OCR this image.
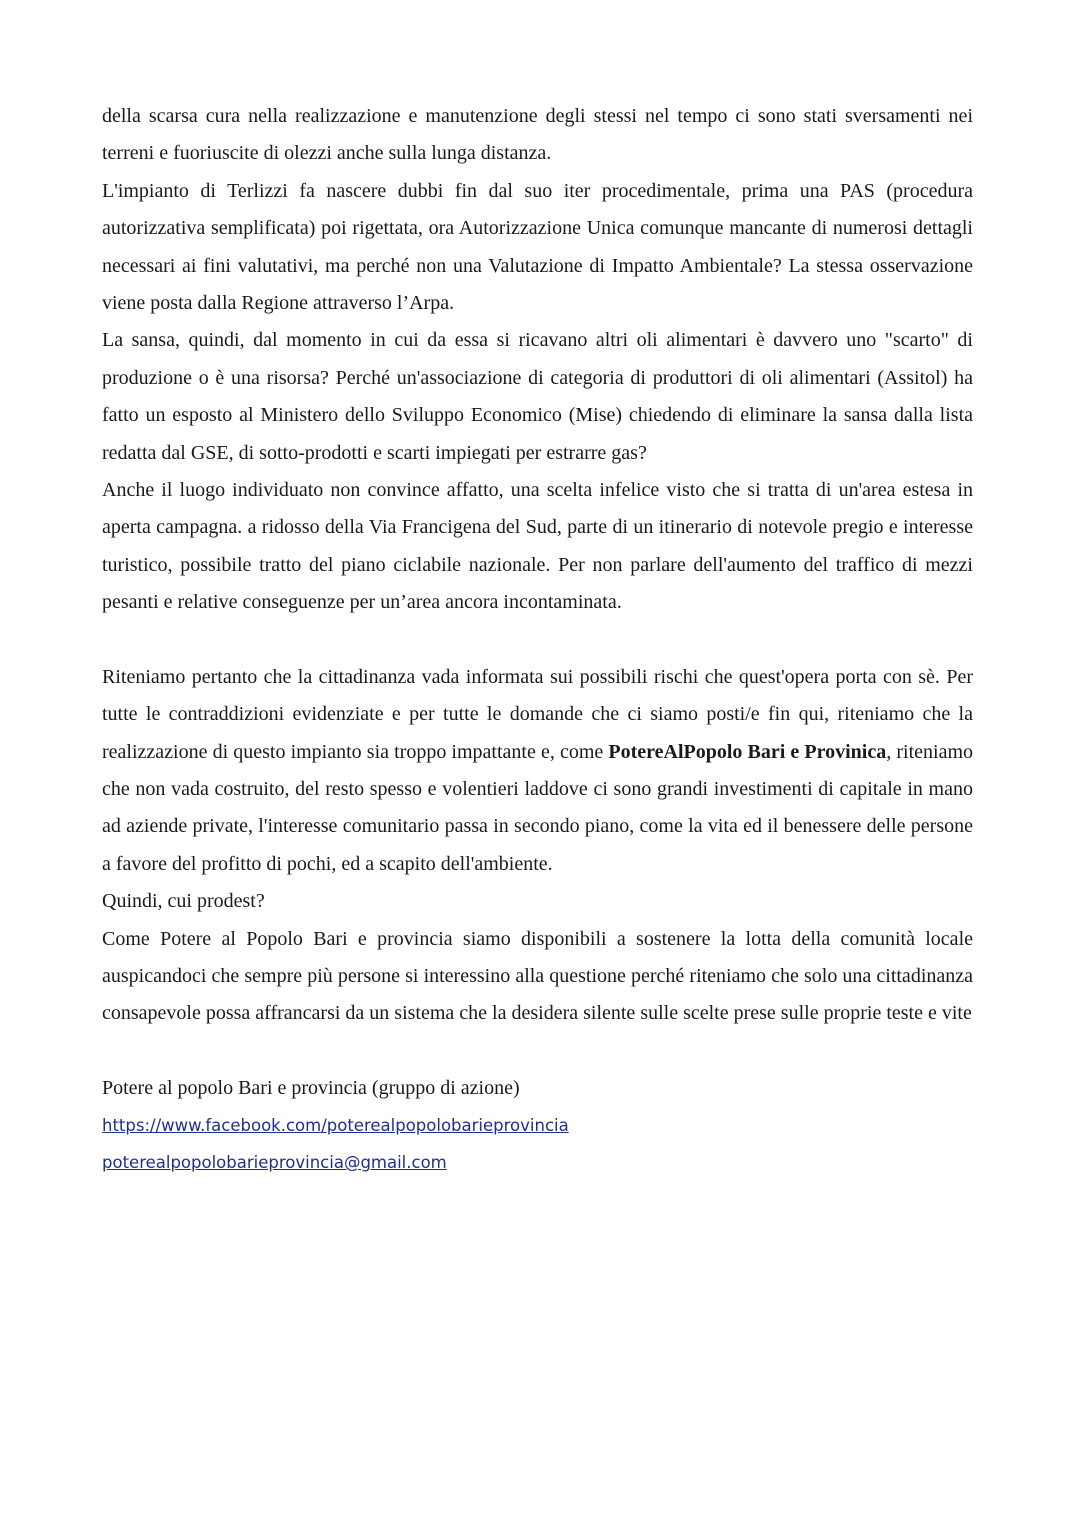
della scarsa cura nella realizzazione e manutenzione degli stessi nel tempo ci sono stati sversamenti nei terreni e fuoriuscite di olezzi anche sulla lunga distanza.

L'impianto di Terlizzi fa nascere dubbi fin dal suo iter procedimentale, prima una PAS (procedura autorizzativa semplificata) poi rigettata, ora Autorizzazione Unica comunque mancante di numerosi dettagli necessari ai fini valutativi, ma perché non una Valutazione di Impatto Ambientale? La stessa osservazione viene posta dalla Regione attraverso l’Arpa.

La sansa, quindi, dal momento in cui da essa si ricavano altri oli alimentari è davvero uno "scarto" di produzione o è una risorsa? Perché un'associazione di categoria di produttori di oli alimentari (Assitol) ha fatto un esposto al Ministero dello Sviluppo Economico (Mise) chiedendo di eliminare la sansa dalla lista redatta dal GSE, di sotto-prodotti e scarti impiegati per estrarre gas?

Anche il luogo individuato non convince affatto, una scelta infelice visto che si tratta di un'area estesa in aperta campagna. a ridosso della Via Francigena del Sud, parte di un itinerario di notevole pregio e interesse turistico, possibile tratto del piano ciclabile nazionale. Per non parlare dell'aumento del traffico di mezzi pesanti e relative conseguenze per un’area ancora incontaminata.

Riteniamo pertanto che la cittadinanza vada informata sui possibili rischi che quest'opera porta con sè. Per tutte le contraddizioni evidenziate e per tutte le domande che ci siamo posti/e fin qui, riteniamo che la realizzazione di questo impianto sia troppo impattante e, come PotereAlPopolo Bari e Provinica, riteniamo che non vada costruito, del resto spesso e volentieri laddove ci sono grandi investimenti di capitale in mano ad aziende private, l'interesse comunitario passa in secondo piano, come la vita ed il benessere delle persone a favore del profitto di pochi, ed a scapito dell'ambiente.

Quindi, cui prodest?

Come Potere al Popolo Bari e provincia siamo disponibili a sostenere la lotta della comunità locale auspicandoci che sempre più persone si interessino alla questione perché riteniamo che solo una cittadinanza consapevole possa affrancarsi da un sistema che la desidera silente sulle scelte prese sulle proprie teste e vite

Potere al popolo Bari e provincia (gruppo di azione)

https://www.facebook.com/poterealpopolobarieprovincia
poterealpopolobarieprovincia@gmail.com
